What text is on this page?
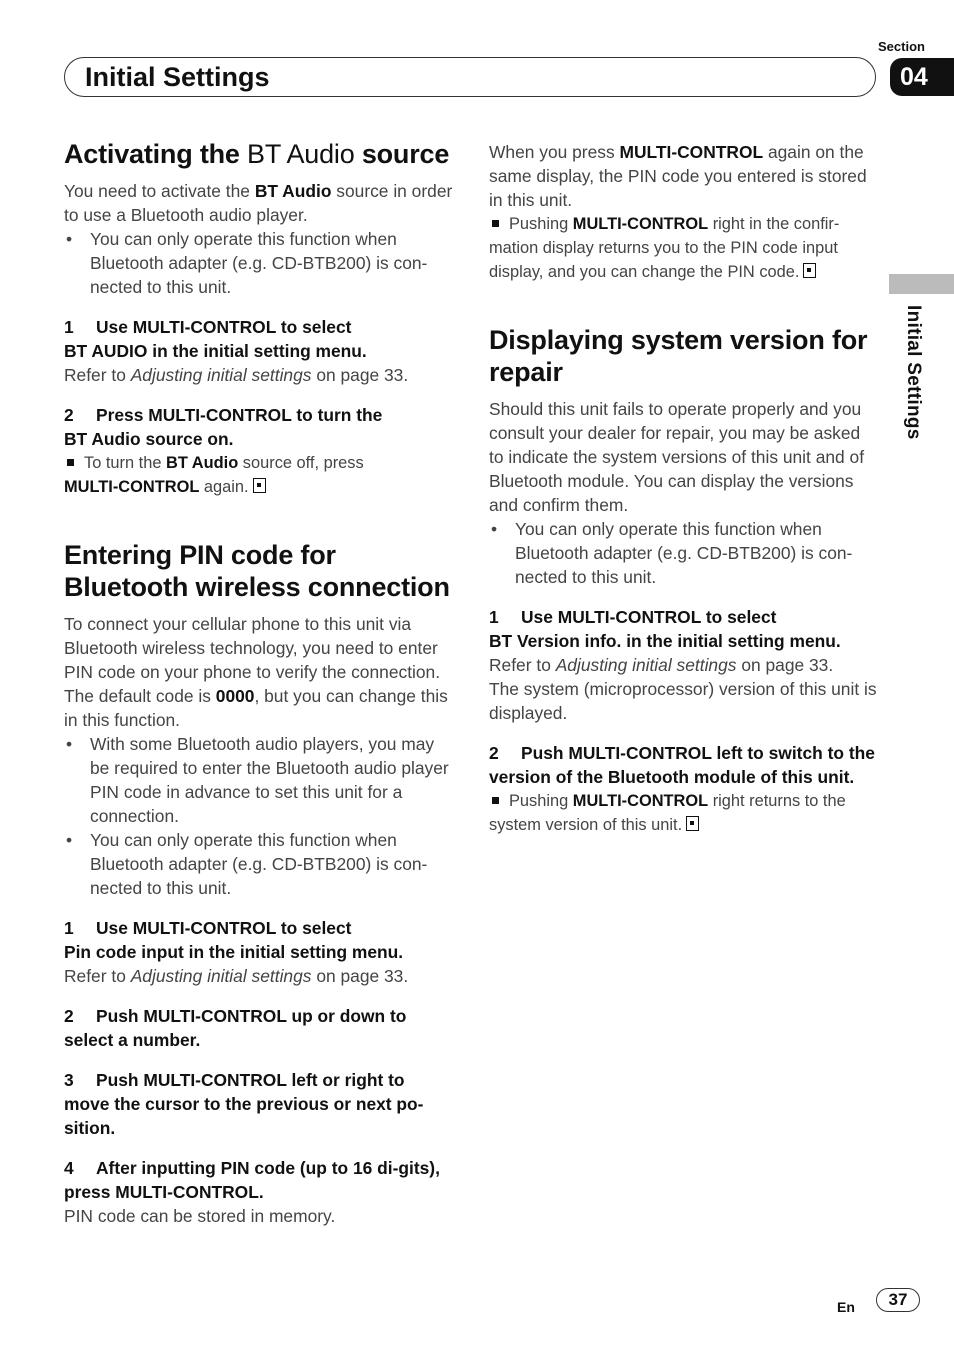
Section
04
Initial Settings
Initial Settings
Activating the BT Audio source

You need to activate the BT Audio source in order to use a Bluetooth audio player.

• You can only operate this function when Bluetooth adapter (e.g. CD-BTB200) is con-nected to this unit.

1 Use MULTI-CONTROL to select
BT AUDIO in the initial setting menu.

Refer to Adjusting initial settings on page 33.

2 Press MULTI-CONTROL to turn the
BT Audio source on.

To turn the BT Audio source off, press
MULTI-CONTROL again.

Entering PIN code for Bluetooth wireless connection

To connect your cellular phone to this unit via Bluetooth wireless technology, you need to enter PIN code on your phone to verify the connection. The default code is 0000, but you can change this in this function.

• With some Bluetooth audio players, you may be required to enter the Bluetooth audio player PIN code in advance to set this unit for a connection.

• You can only operate this function when Bluetooth adapter (e.g. CD-BTB200) is con-nected to this unit.

1 Use MULTI-CONTROL to select
Pin code input in the initial setting menu.

Refer to Adjusting initial settings on page 33.

2 Push MULTI-CONTROL up or down to select a number.

3 Push MULTI-CONTROL left or right to move the cursor to the previous or next po-sition.

4 After inputting PIN code (up to 16 di-gits), press MULTI-CONTROL.

PIN code can be stored in memory.

When you press MULTI-CONTROL again on the same display, the PIN code you entered is stored in this unit.

Pushing MULTI-CONTROL right in the confir-mation display returns you to the PIN code input display, and you can change the PIN code.

Displaying system version for repair

Should this unit fails to operate properly and you consult your dealer for repair, you may be asked to indicate the system versions of this unit and of Bluetooth module. You can display the versions and confirm them.

• You can only operate this function when Bluetooth adapter (e.g. CD-BTB200) is con-nected to this unit.

1 Use MULTI-CONTROL to select
BT Version info. in the initial setting menu.

Refer to Adjusting initial settings on page 33.

The system (microprocessor) version of this unit is displayed.

2 Push MULTI-CONTROL left to switch to the version of the Bluetooth module of this unit.

Pushing MULTI-CONTROL right returns to the system version of this unit.

En	37
